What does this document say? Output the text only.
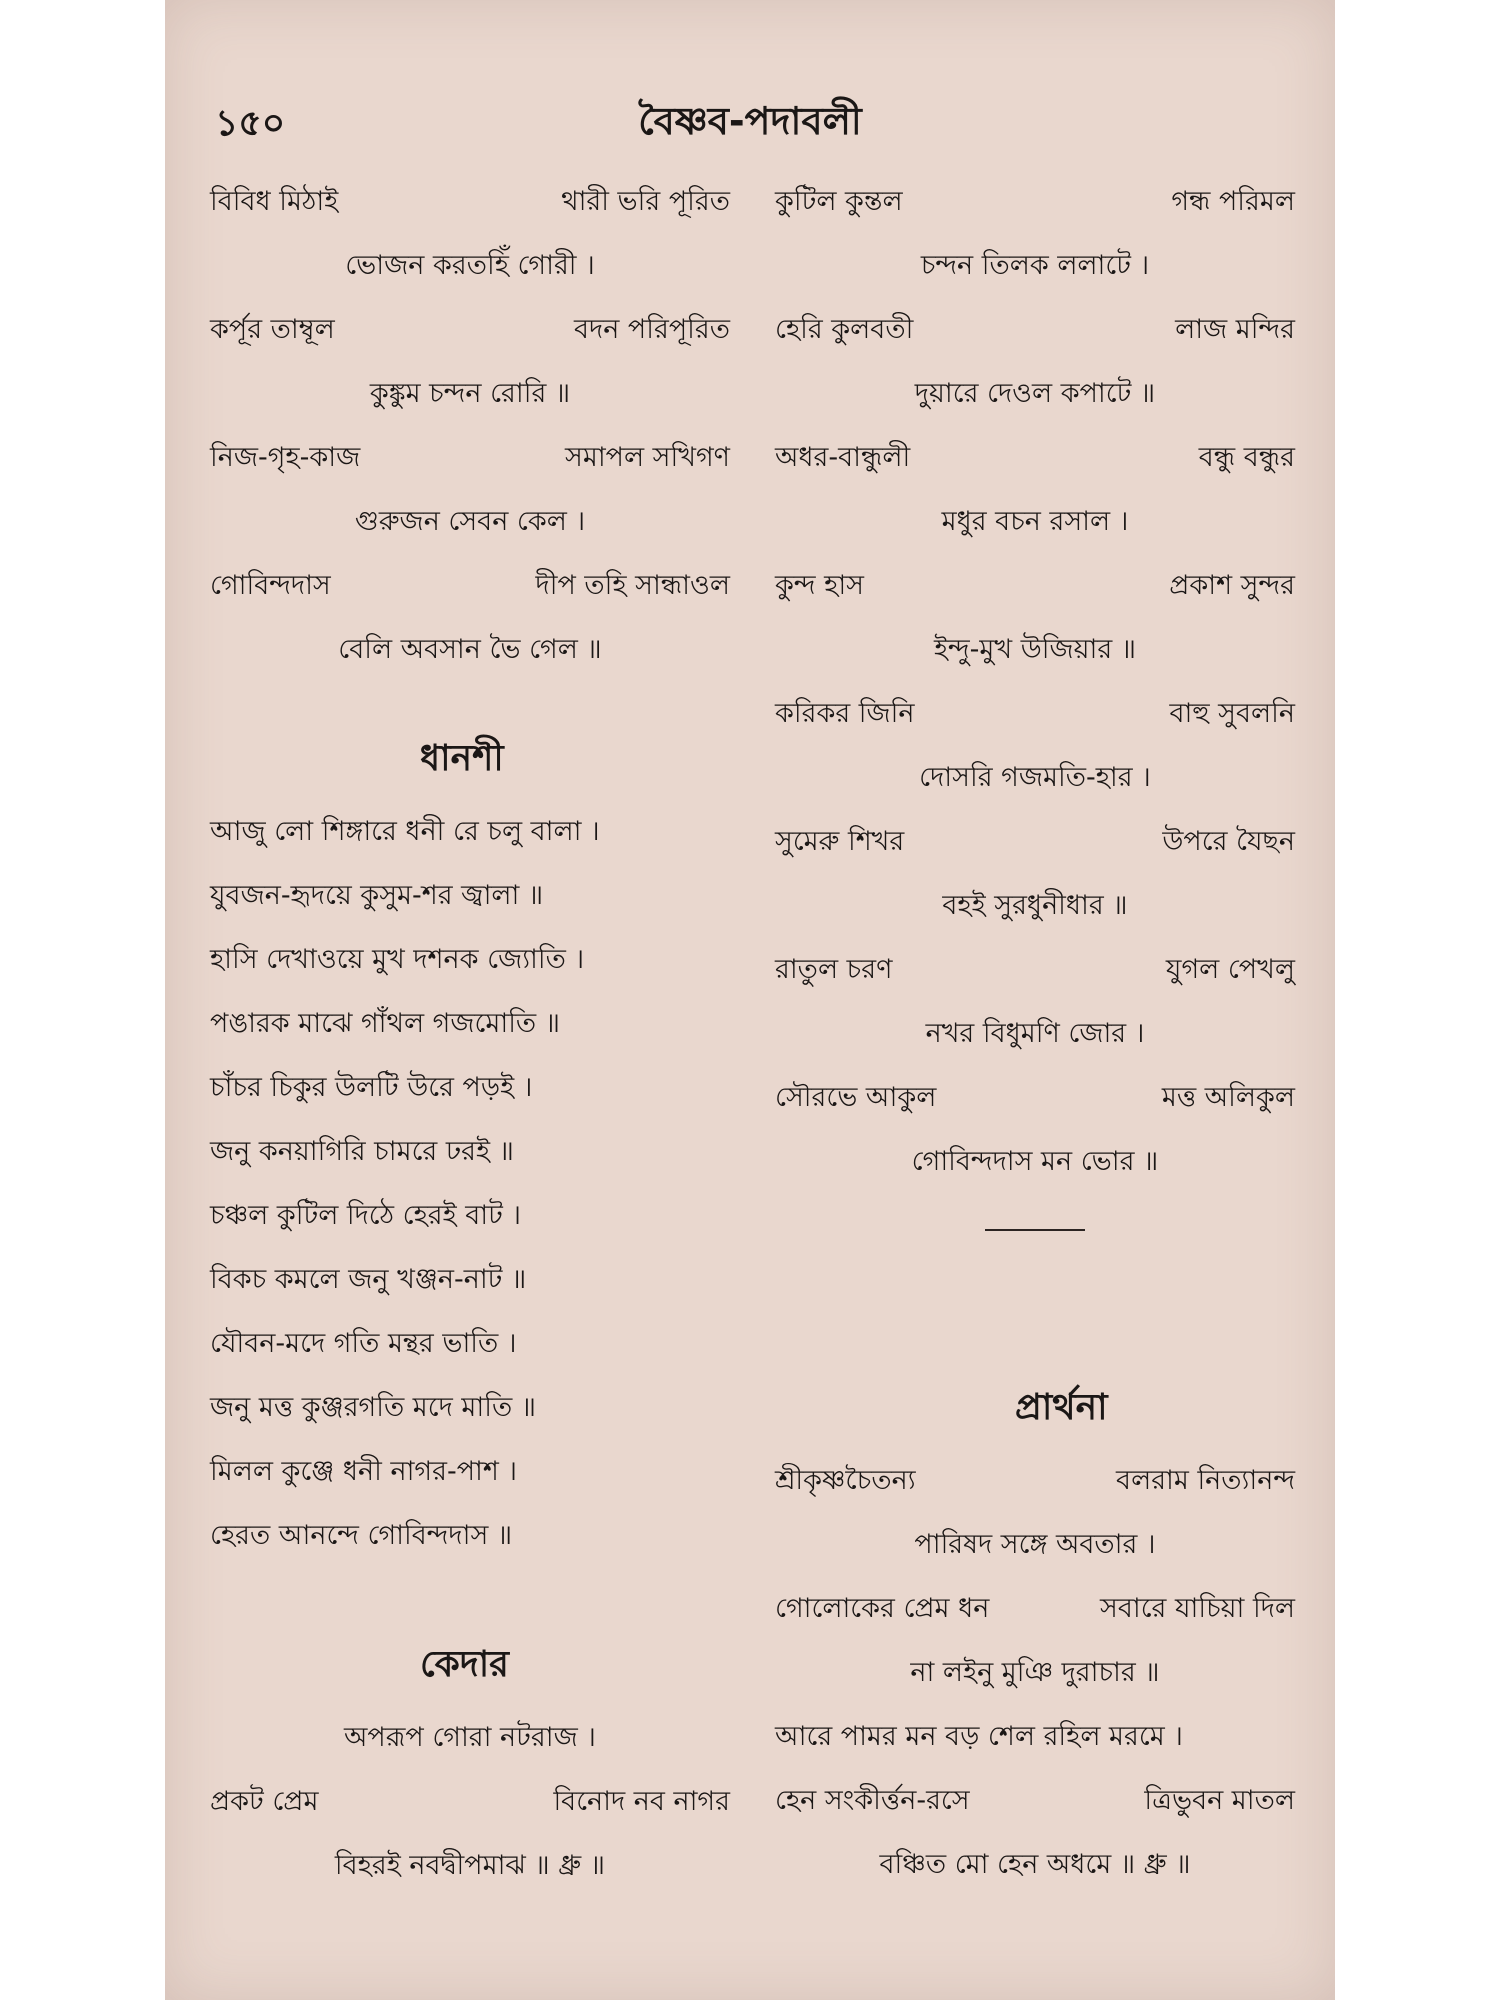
১৫০	বৈষ্ণব-পদাবলী
বিবিধ মিঠাই	থারী ভরি পূরিত
ভোজন করতহিঁ গোরী ।
কর্পূর তাম্বূল	বদন পরিপূরিত
কুঙ্কুম চন্দন রোরি ॥
নিজ-গৃহ-কাজ	সমাপল সখিগণ
গুরুজন সেবন কেল ।
গোবিন্দদাস	দীপ তহি সান্ধাওল
বেলি অবসান ভৈ গেল ॥
ধানশী
আজু লো শিঙ্গারে ধনী রে চলু বালা ।
যুবজন-হৃদয়ে কুসুম-শর জ্বালা ॥
হাসি দেখাওয়ে মুখ দশনক জ্যোতি ।
পঙারক মাঝে গাঁথল গজমোতি ॥
চাঁচর চিকুর উলটি উরে পড়ই ।
জনু কনয়াগিরি চামরে ঢরই ॥
চঞ্চল কুটিল দিঠে হেরই বাট ।
বিকচ কমলে জনু খঞ্জন-নাট ॥
যৌবন-মদে গতি মন্থর ভাতি ।
জনু মত্ত কুঞ্জরগতি মদে মাতি ॥
মিলল কুঞ্জে ধনী নাগর-পাশ ।
হেরত আনন্দে গোবিন্দদাস ॥
কেদার
অপরূপ গোরা নটরাজ ।
প্রকট প্রেম	বিনোদ নব নাগর
বিহরই নবদ্বীপমাঝ ॥ ধ্রু ॥
কুটিল কুন্তল	গন্ধ পরিমল
চন্দন তিলক ললাটে ।
হেরি কুলবতী	লাজ মন্দির
দুয়ারে দেওল কপাটে ॥
অধর-বান্ধুলী	বন্ধু বন্ধুর
মধুর বচন রসাল ।
কুন্দ হাস	প্রকাশ সুন্দর
ইন্দু-মুখ উজিয়ার ॥
করিকর জিনি	বাহু সুবলনি
দোসরি গজমতি-হার ।
সুমেরু শিখর	উপরে যৈছন
বহই সুরধুনীধার ॥
রাতুল চরণ	যুগল পেখলু
নখর বিধুমণি জোর ।
সৌরভে আকুল	মত্ত অলিকুল
গোবিন্দদাস মন ভোর ॥
প্রার্থনা
শ্রীকৃষ্ণচৈতন্য	বলরাম নিত্যানন্দ
পারিষদ সঙ্গে অবতার ।
গোলোকের প্রেম ধন	সবারে যাচিয়া দিল
না লইনু মুঞি দুরাচার ॥
আরে পামর মন বড় শেল রহিল মরমে ।
হেন সংকীর্ত্তন-রসে	ত্রিভুবন মাতল
বঞ্চিত মো হেন অধমে ॥ ধ্রু ॥
